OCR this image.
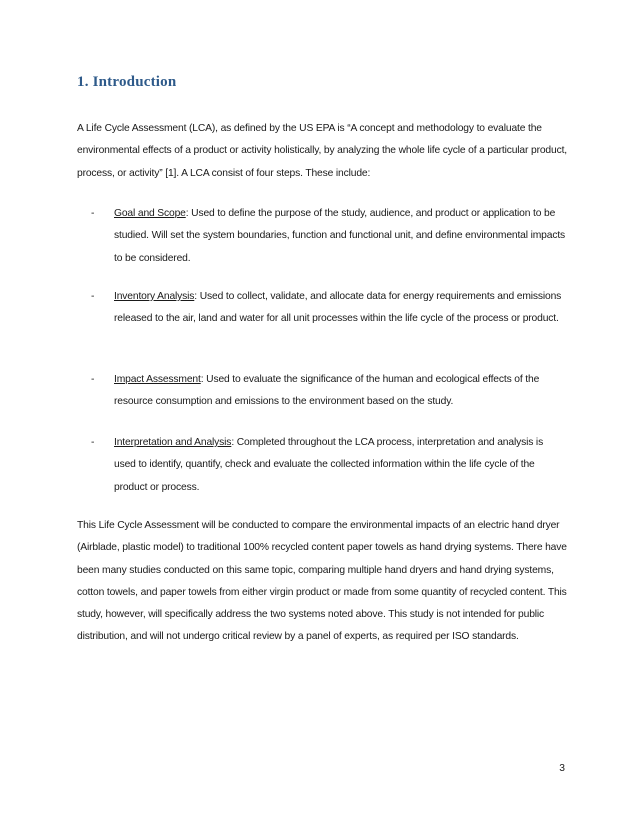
1. Introduction

A Life Cycle Assessment (LCA), as defined by the US EPA is “A concept and methodology to evaluate the environmental effects of a product or activity holistically, by analyzing the whole life cycle of a particular product, process, or activity” [1]. A LCA consist of four steps. These include:

- Goal and Scope: Used to define the purpose of the study, audience, and product or application to be studied. Will set the system boundaries, function and functional unit, and define environmental impacts to be considered.

- Inventory Analysis: Used to collect, validate, and allocate data for energy requirements and emissions released to the air, land and water for all unit processes within the life cycle of the process or product.

- Impact Assessment: Used to evaluate the significance of the human and ecological effects of the resource consumption and emissions to the environment based on the study.

- Interpretation and Analysis: Completed throughout the LCA process, interpretation and analysis is used to identify, quantify, check and evaluate the collected information within the life cycle of the product or process.

This Life Cycle Assessment will be conducted to compare the environmental impacts of an electric hand dryer (Airblade, plastic model) to traditional 100% recycled content paper towels as hand drying systems. There have been many studies conducted on this same topic, comparing multiple hand dryers and hand drying systems, cotton towels, and paper towels from either virgin product or made from some quantity of recycled content. This study, however, will specifically address the two systems noted above. This study is not intended for public distribution, and will not undergo critical review by a panel of experts, as required per ISO standards.

3
